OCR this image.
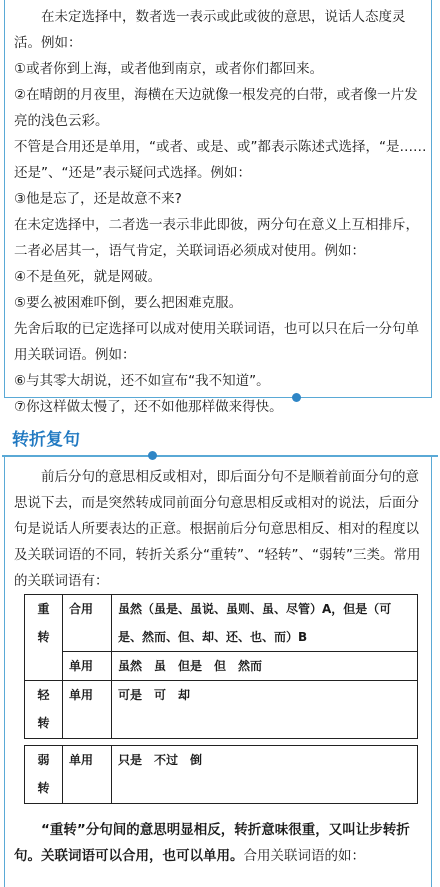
在未定选择中，数者选一表示或此或彼的意思，说话人态度灵活。例如：

①或者你到上海，或者他到南京，或者你们都回来。

②在晴朗的月夜里，海横在天边就像一根发亮的白带，或者像一片发亮的浅色云彩。

不管是合用还是单用，“或者、或是、或”都表示陈述式选择，“是……还是”、“还是”表示疑问式选择。例如：

③他是忘了，还是故意不来?

在未定选择中，二者选一表示非此即彼，两分句在意义上互相排斥，二者必居其一，语气肯定，关联词语必须成对使用。例如：

④不是鱼死，就是网破。

⑤要么被困难吓倒，要么把困难克服。

先舍后取的已定选择可以成对使用关联词语，也可以只在后一分句单用关联词语。例如：

⑥与其零大胡说，还不如宣布“我不知道”。

⑦你这样做太慢了，还不如他那样做来得快。

转折复句

前后分句的意思相反或相对，即后面分句不是顺着前面分句的意思说下去，而是突然转成同前面分句意思相反或相对的说法，后面分句是说话人所要表达的正意。根据前后分句意思相反、相对的程度以及关联词语的不同，转折关系分“重转”、“轻转”、“弱转”三类。常用的关联词语有：

重
转	合用	虽然（虽是、虽说、虽则、虽、尽管）A，但是（可是、然而、但、却、还、也、而）B
	单用	虽然　虽　但是　但　然而
轻
转	单用	可是　可　却
弱
转	单用	只是　不过　倒

“重转”分句间的意思明显相反，转折意味很重，又叫让步转折句。关联词语可以合用，也可以单用。合用关联词语的如：
